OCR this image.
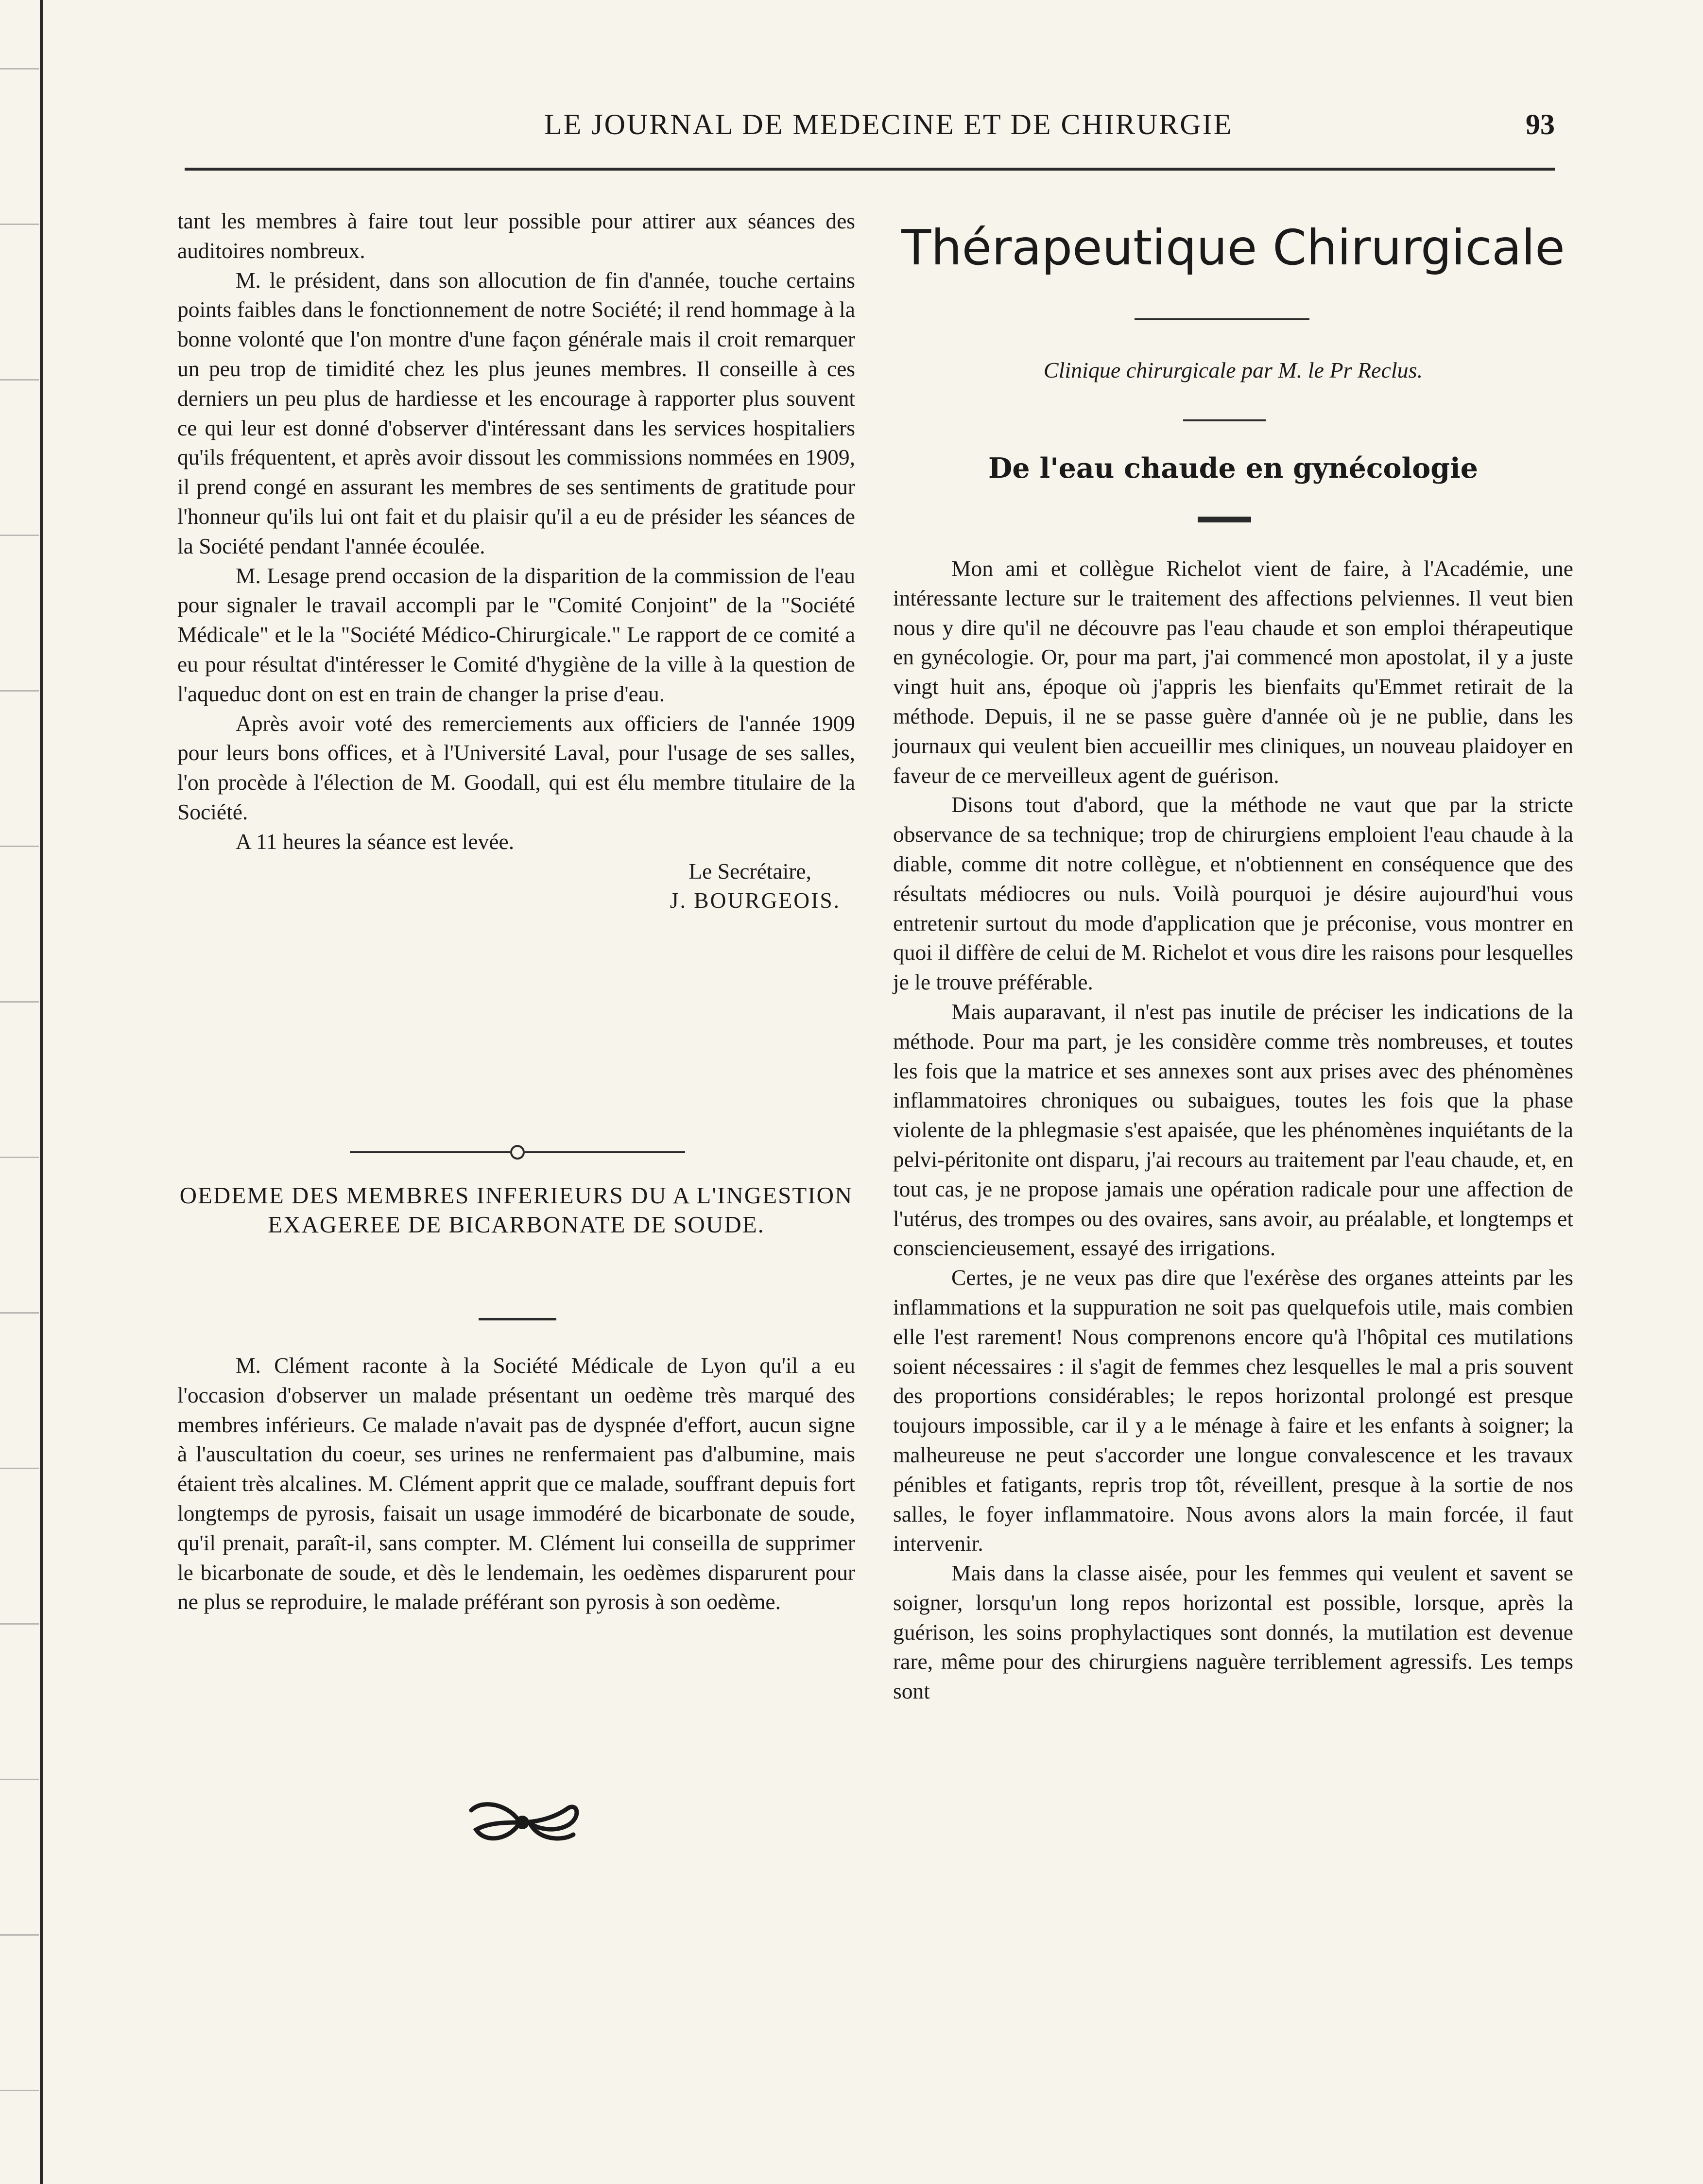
LE JOURNAL DE MEDECINE ET DE CHIRURGIE	93

tant les membres à faire tout leur possible pour attirer aux séances des auditoires nombreux.

M. le président, dans son allocution de fin d'année, touche certains points faibles dans le fonctionnement de notre Société; il rend hommage à la bonne volonté que l'on montre d'une façon générale mais il croit remarquer un peu trop de timidité chez les plus jeunes membres. Il conseille à ces derniers un peu plus de hardiesse et les encourage à rapporter plus souvent ce qui leur est donné d'observer d'intéressant dans les services hospitaliers qu'ils fréquentent, et après avoir dissout les commissions nommées en 1909, il prend congé en assurant les membres de ses sentiments de gratitude pour l'honneur qu'ils lui ont fait et du plaisir qu'il a eu de présider les séances de la Société pendant l'année écoulée.

M. Lesage prend occasion de la disparition de la commission de l'eau pour signaler le travail accompli par le "Comité Conjoint" de la "Société Médicale" et le la "Société Médico-Chirurgicale." Le rapport de ce comité a eu pour résultat d'intéresser le Comité d'hygiène de la ville à la question de l'aqueduc dont on est en train de changer la prise d'eau.

Après avoir voté des remerciements aux officiers de l'année 1909 pour leurs bons offices, et à l'Université Laval, pour l'usage de ses salles, l'on procède à l'élection de M. Goodall, qui est élu membre titulaire de la Société.

A 11 heures la séance est levée.

Le Secrétaire,

J. BOURGEOIS.

OEDEME DES MEMBRES INFERIEURS DU A L'INGESTION EXAGEREE DE BICARBONATE DE SOUDE.

M. Clément raconte à la Société Médicale de Lyon qu'il a eu l'occasion d'observer un malade présentant un oedème très marqué des membres inférieurs. Ce malade n'avait pas de dyspnée d'effort, aucun signe à l'auscultation du coeur, ses urines ne renfermaient pas d'albumine, mais étaient très alcalines. M. Clément apprit que ce malade, souffrant depuis fort longtemps de pyrosis, faisait un usage immodéré de bicarbonate de soude, qu'il prenait, paraît-il, sans compter. M. Clément lui conseilla de supprimer le bicarbonate de soude, et dès le lendemain, les oedèmes disparurent pour ne plus se reproduire, le malade préférant son pyrosis à son oedème.

Thérapeutique Chirurgicale
Clinique chirurgicale par M. le Pr Reclus.
De l'eau chaude en gynécologie

Mon ami et collègue Richelot vient de faire, à l'Académie, une intéressante lecture sur le traitement des affections pelviennes. Il veut bien nous y dire qu'il ne découvre pas l'eau chaude et son emploi thérapeutique en gynécologie. Or, pour ma part, j'ai commencé mon apostolat, il y a juste vingt huit ans, époque où j'appris les bienfaits qu'Emmet retirait de la méthode. Depuis, il ne se passe guère d'année où je ne publie, dans les journaux qui veulent bien accueillir mes cliniques, un nouveau plaidoyer en faveur de ce merveilleux agent de guérison.

Disons tout d'abord, que la méthode ne vaut que par la stricte observance de sa technique; trop de chirurgiens emploient l'eau chaude à la diable, comme dit notre collègue, et n'obtiennent en conséquence que des résultats médiocres ou nuls. Voilà pourquoi je désire aujourd'hui vous entretenir surtout du mode d'application que je préconise, vous montrer en quoi il diffère de celui de M. Richelot et vous dire les raisons pour lesquelles je le trouve préférable.

Mais auparavant, il n'est pas inutile de préciser les indications de la méthode. Pour ma part, je les considère comme très nombreuses, et toutes les fois que la matrice et ses annexes sont aux prises avec des phénomènes inflammatoires chroniques ou subaigues, toutes les fois que la phase violente de la phlegmasie s'est apaisée, que les phénomènes inquiétants de la pelvi-péritonite ont disparu, j'ai recours au traitement par l'eau chaude, et, en tout cas, je ne propose jamais une opération radicale pour une affection de l'utérus, des trompes ou des ovaires, sans avoir, au préalable, et longtemps et consciencieusement, essayé des irrigations.

Certes, je ne veux pas dire que l'exérèse des organes atteints par les inflammations et la suppuration ne soit pas quelquefois utile, mais combien elle l'est rarement! Nous comprenons encore qu'à l'hôpital ces mutilations soient nécessaires : il s'agit de femmes chez lesquelles le mal a pris souvent des proportions considérables; le repos horizontal prolongé est presque toujours impossible, car il y a le ménage à faire et les enfants à soigner; la malheureuse ne peut s'accorder une longue convalescence et les travaux pénibles et fatigants, repris trop tôt, réveillent, presque à la sortie de nos salles, le foyer inflammatoire. Nous avons alors la main forcée, il faut intervenir.

Mais dans la classe aisée, pour les femmes qui veulent et savent se soigner, lorsqu'un long repos horizontal est possible, lorsque, après la guérison, les soins prophylactiques sont donnés, la mutilation est devenue rare, même pour des chirurgiens naguère terriblement agressifs. Les temps sont
